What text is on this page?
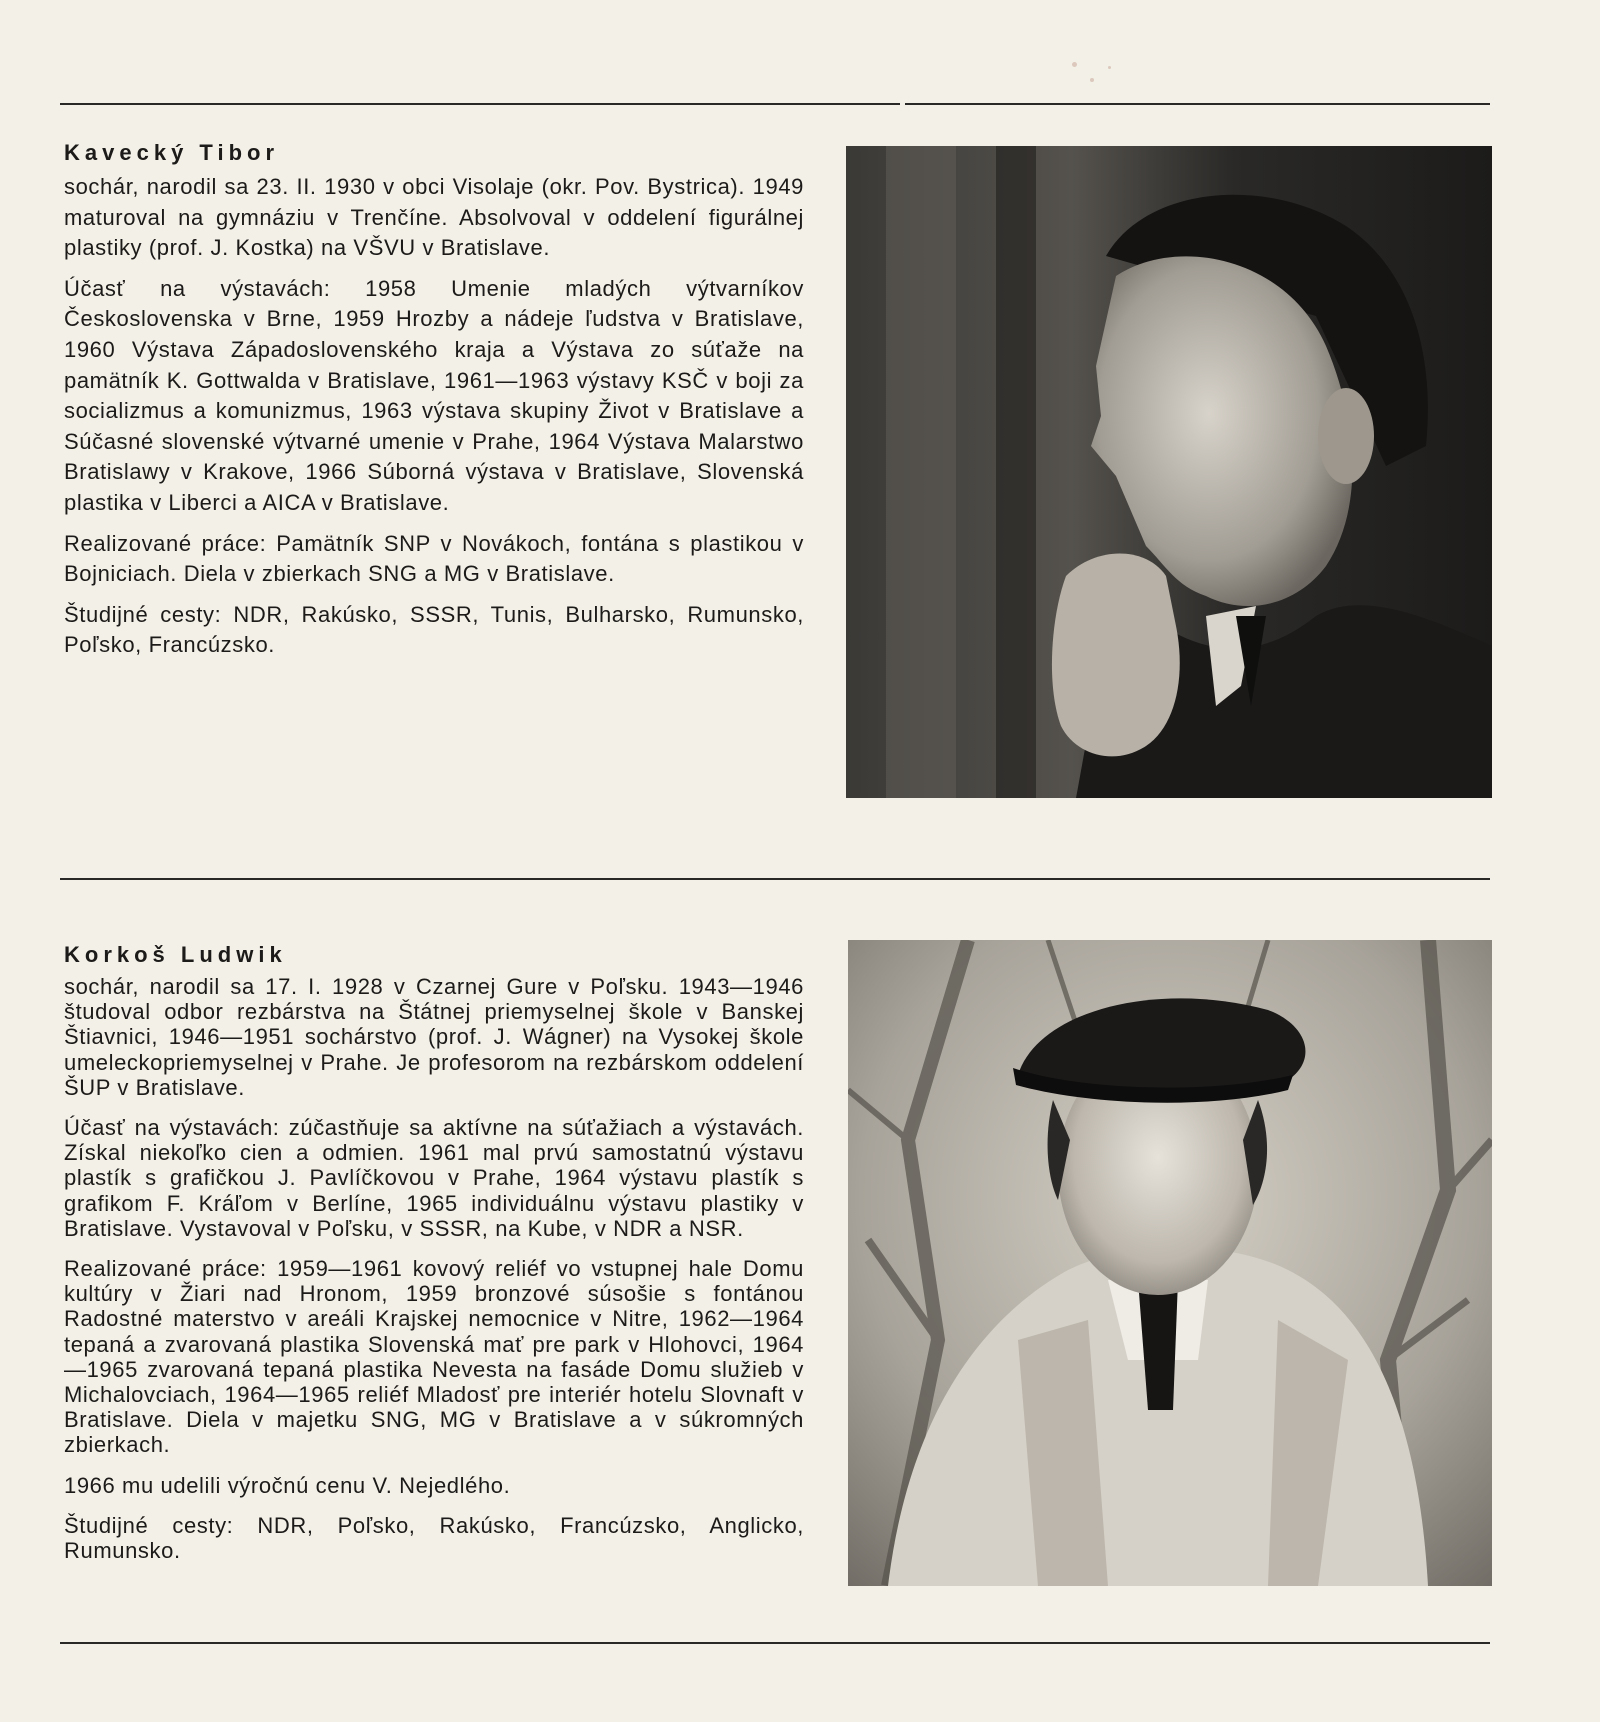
Kavecký Tibor

sochár, narodil sa 23. II. 1930 v obci Visolaje (okr. Pov. Bystrica). 1949 maturoval na gymnáziu v Trenčíne. Absolvoval v oddelení figurálnej plastiky (prof. J. Kostka) na VŠVU v Bratislave.

Účasť na výstavách: 1958 Umenie mladých výtvarníkov Československa v Brne, 1959 Hrozby a nádeje ľudstva v Bratislave, 1960 Výstava Západoslovenského kraja a Výstava zo súťaže na pamätník K. Gottwalda v Bratislave, 1961—1963 výstavy KSČ v boji za socializmus a komunizmus, 1963 výstava skupiny Život v Bratislave a Súčasné slovenské výtvarné umenie v Prahe, 1964 Výstava Malarstwo Bratislawy v Krakove, 1966 Súborná výstava v Bratislave, Slovenská plastika v Liberci a AICA v Bratislave.

Realizované práce: Pamätník SNP v Novákoch, fontána s plastikou v Bojniciach. Diela v zbierkach SNG a MG v Bratislave.

Študijné cesty: NDR, Rakúsko, SSSR, Tunis, Bulharsko, Rumunsko, Poľsko, Francúzsko.

Korkoš Ludwik

sochár, narodil sa 17. I. 1928 v Czarnej Gure v Poľsku. 1943—1946 študoval odbor rezbárstva na Štátnej priemyselnej škole v Banskej Štiavnici, 1946—1951 sochárstvo (prof. J. Wágner) na Vysokej škole umeleckopriemyselnej v Prahe. Je profesorom na rezbárskom oddelení ŠUP v Bratislave.

Účasť na výstavách: zúčastňuje sa aktívne na súťažiach a výstavách. Získal niekoľko cien a odmien. 1961 mal prvú samostatnú výstavu plastík s grafičkou J. Pavlíčkovou v Prahe, 1964 výstavu plastík s grafikom F. Kráľom v Berlíne, 1965 individuálnu výstavu plastiky v Bratislave. Vystavoval v Poľsku, v SSSR, na Kube, v NDR a NSR.

Realizované práce: 1959—1961 kovový reliéf vo vstupnej hale Domu kultúry v Žiari nad Hronom, 1959 bronzové súsošie s fontánou Radostné materstvo v areáli Krajskej nemocnice v Nitre, 1962—1964 tepaná a zvarovaná plastika Slovenská mať pre park v Hlohovci, 1964—1965 zvarovaná tepaná plastika Nevesta na fasáde Domu služieb v Michalovciach, 1964—1965 reliéf Mladosť pre interiér hotelu Slovnaft v Bratislave. Diela v majetku SNG, MG v Bratislave a v súkromných zbierkach.

1966 mu udelili výročnú cenu V. Nejedlého.

Študijné cesty: NDR, Poľsko, Rakúsko, Francúzsko, Anglicko, Rumunsko.
